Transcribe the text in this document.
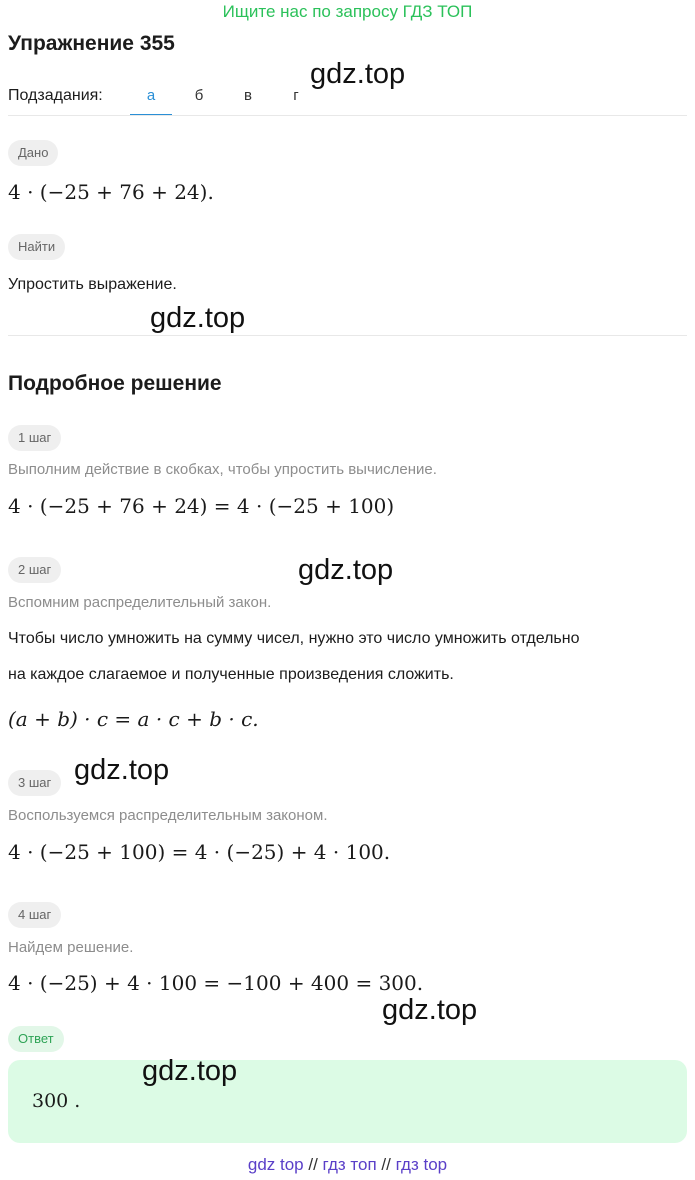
Ищите нас по запросу ГДЗ ТОП
Упражнение 355
Подзадания:	а	б	в	г
gdz.top
Дано
4 · (−25 + 76 + 24).
Найти
Упростить выражение.
gdz.top
Подробное решение
1 шаг
Выполним действие в скобках, чтобы упростить вычисление.
4 · (−25 + 76 + 24) = 4 · (−25 + 100)
2 шаг	gdz.top
Вспомним распределительный закон.
Чтобы число умножить на сумму чисел, нужно это число умножить отдельно
на каждое слагаемое и полученные произведения сложить.
(a + b) · c = a · c + b · c.
3 шаг gdz.top
Воспользуемся распределительным законом.
4 · (−25 + 100) = 4 · (−25) + 4 · 100.
4 шаг
Найдем решение.
4 · (−25) + 4 · 100 = −100 + 400 = 300.
gdz.top
Ответ
300 .
gdz.top
gdz top // гдз топ // гдз top
